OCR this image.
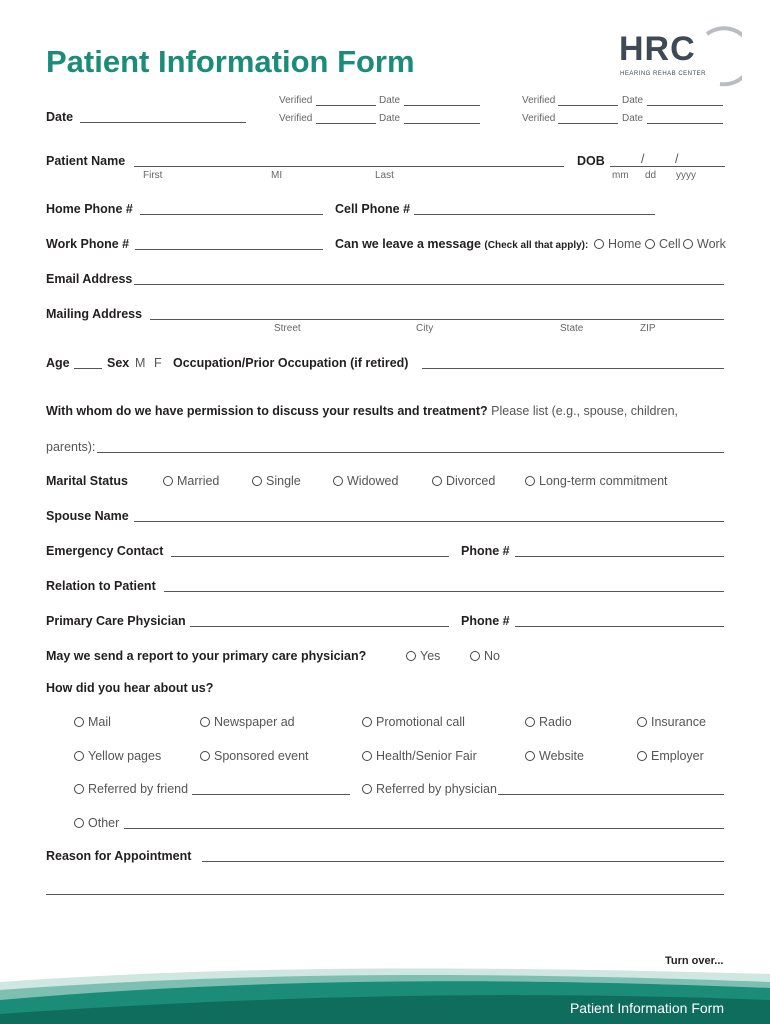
Patient Information Form	HRC
HEARING REHAB CENTER
Date
Verified	Date
Verified	Date
Verified	Date
Verified	Date
Patient Name
First	MI	Last
DOB	/ /
mm dd yyyy
Home Phone #	Cell Phone #
Work Phone #	Can we leave a message (Check all that apply): Home Cell Work
Email Address
Mailing Address
Street	City	State	ZIP
Age	Sex M F Occupation/Prior Occupation (if retired)
With whom do we have permission to discuss your results and treatment? Please list (e.g., spouse, children,
parents):
Marital Status	Married	Single	Widowed	Divorced	Long-term commitment
Spouse Name
Emergency Contact	Phone #
Relation to Patient
Primary Care Physician	Phone #
May we send a report to your primary care physician?	Yes	No
How did you hear about us?
Mail	Newspaper ad	Promotional call	Radio	Insurance
Yellow pages	Sponsored event	Health/Senior Fair	Website	Employer
Referred by friend	Referred by physician
Other
Reason for Appointment
Turn over...
Patient Information Form
